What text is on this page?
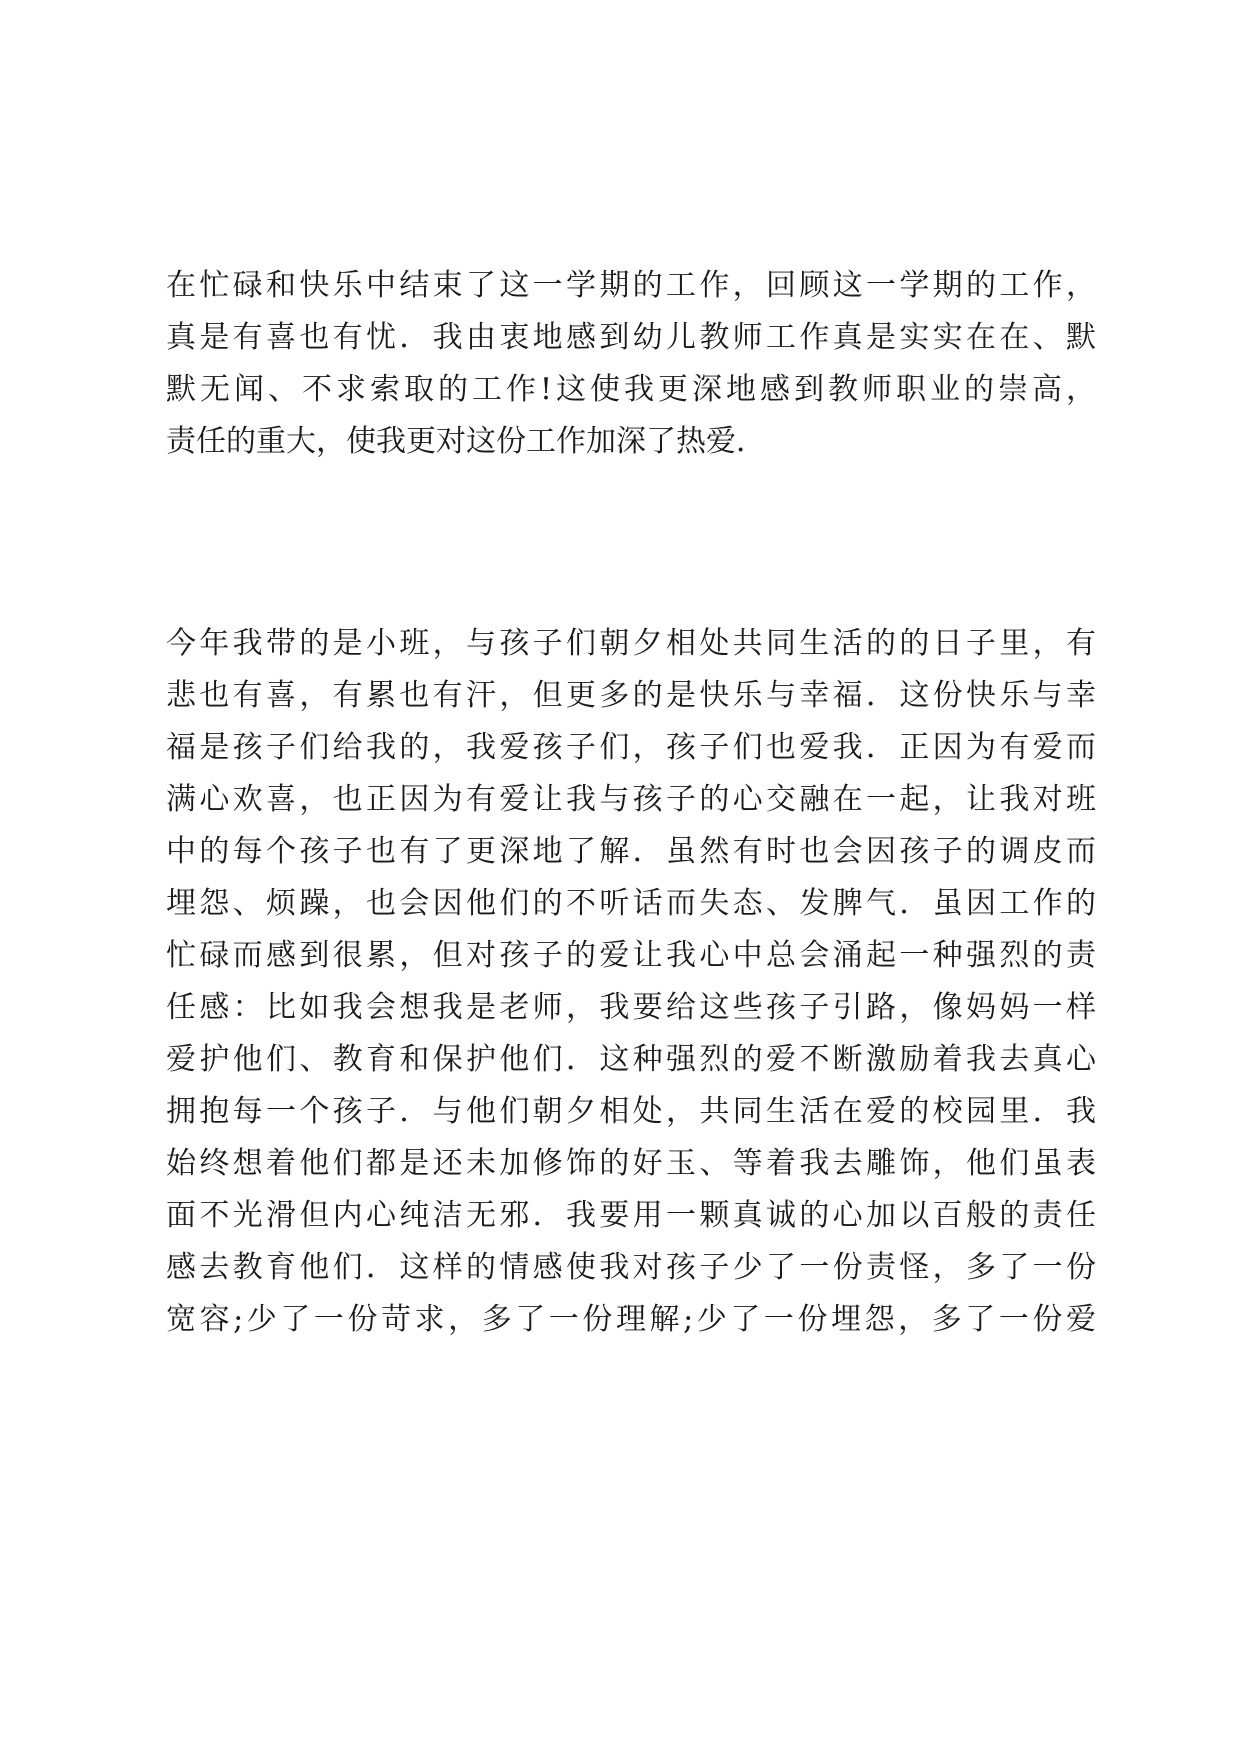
在忙碌和快乐中结束了这一学期的工作，回顾这一学期的工作，
真是有喜也有忧．我由衷地感到幼儿教师工作真是实实在在、默
默无闻、不求索取的工作!这使我更深地感到教师职业的崇高，
责任的重大，使我更对这份工作加深了热爱．
今年我带的是小班，与孩子们朝夕相处共同生活的的日子里，有
悲也有喜，有累也有汗，但更多的是快乐与幸福．这份快乐与幸
福是孩子们给我的，我爱孩子们，孩子们也爱我．正因为有爱而
满心欢喜，也正因为有爱让我与孩子的心交融在一起，让我对班
中的每个孩子也有了更深地了解．虽然有时也会因孩子的调皮而
埋怨、烦躁，也会因他们的不听话而失态、发脾气．虽因工作的
忙碌而感到很累，但对孩子的爱让我心中总会涌起一种强烈的责
任感：比如我会想我是老师，我要给这些孩子引路，像妈妈一样
爱护他们、教育和保护他们．这种强烈的爱不断激励着我去真心
拥抱每一个孩子．与他们朝夕相处，共同生活在爱的校园里．我
始终想着他们都是还未加修饰的好玉、等着我去雕饰，他们虽表
面不光滑但内心纯洁无邪．我要用一颗真诚的心加以百般的责任
感去教育他们．这样的情感使我对孩子少了一份责怪，多了一份
宽容;少了一份苛求，多了一份理解;少了一份埋怨，多了一份爱
